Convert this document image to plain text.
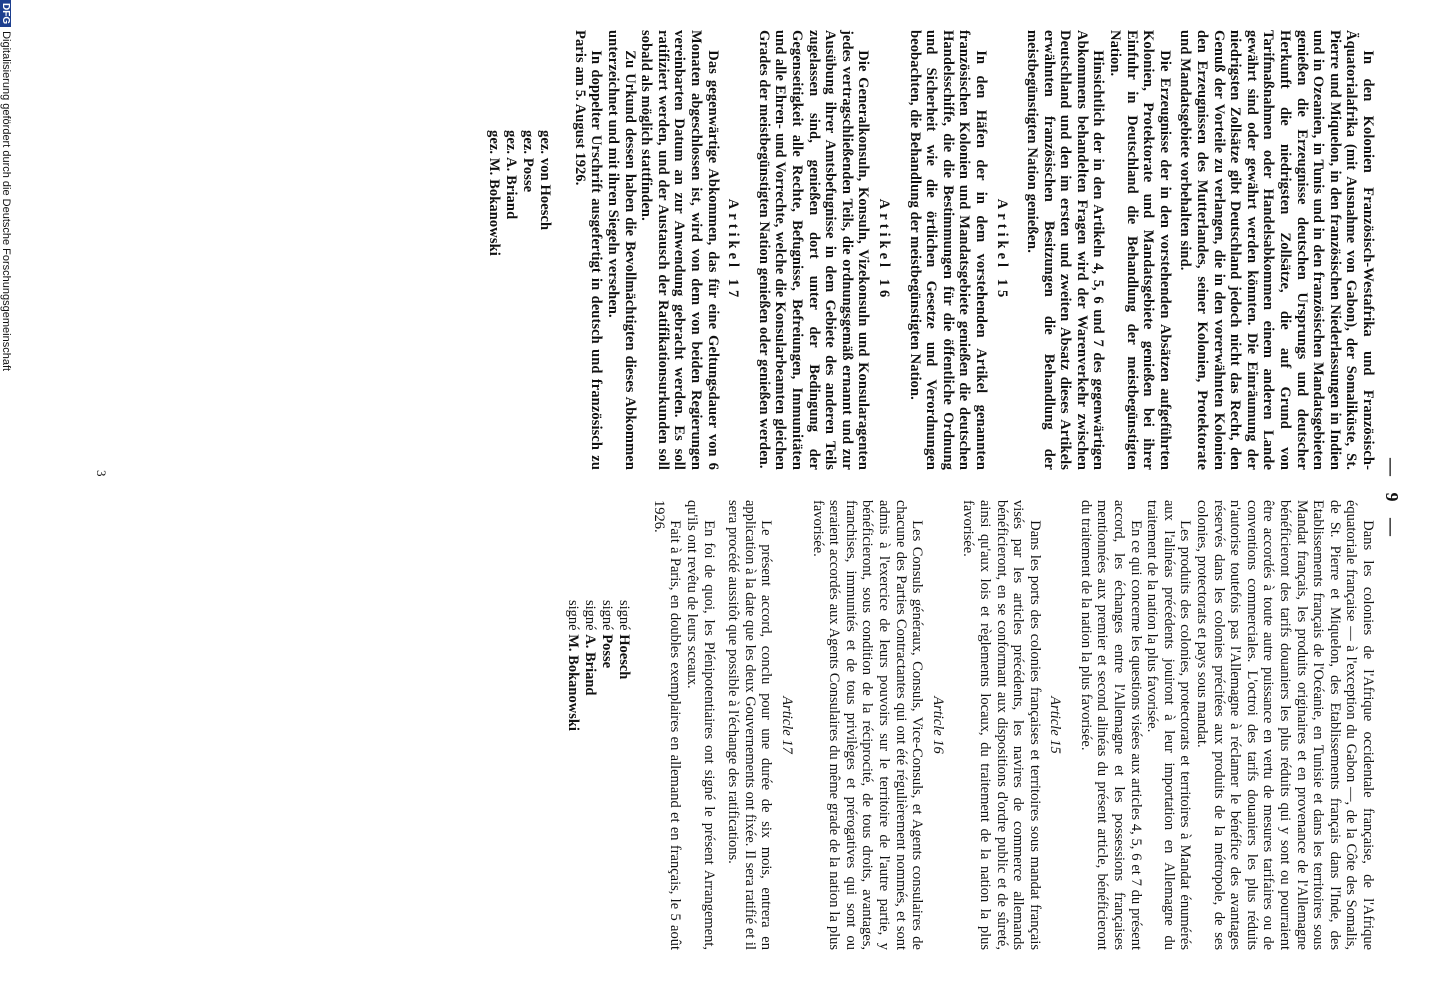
— 9 —

In den Kolonien Französisch-Westafrika und Französisch-Äquatorialafrika (mit Ausnahme von Gabon), der Somaliküste, St. Pierre und Miquelon, in den französischen Niederlassungen in Indien und in Ozeanien, in Tunis und in den französischen Mandatsgebieten genießen die Erzeugnisse deutschen Ursprungs und deutscher Herkunft die niedrigsten Zollsätze, die auf Grund von Tarifmaßnahmen oder Handelsabkommen einem anderen Lande gewährt sind oder gewährt werden könnten. Die Einräumung der niedrigsten Zollsätze gibt Deutschland jedoch nicht das Recht, den Genuß der Vorteile zu verlangen, die in den vorerwähnten Kolonien den Erzeugnissen des Mutterlandes, seiner Kolonien, Protektorate und Mandatsgebiete vorbehalten sind.

Die Erzeugnisse der in den vorstehenden Absätzen aufgeführten Kolonien, Protektorate und Mandatsgebiete genießen bei ihrer Einfuhr in Deutschland die Behandlung der meistbegünstigten Nation.

Hinsichtlich der in den Artikeln 4, 5, 6 und 7 des gegenwärtigen Abkommens behandelten Fragen wird der Warenverkehr zwischen Deutschland und den im ersten und zweiten Absatz dieses Artikels erwähnten französischen Besitzungen die Behandlung der meistbegünstigten Nation genießen.

Artikel 15

In den Häfen der in dem vorstehenden Artikel genannten französischen Kolonien und Mandatsgebiete genießen die deutschen Handelsschiffe, die die Bestimmungen für die öffentliche Ordnung und Sicherheit wie die örtlichen Gesetze und Verordnungen beobachten, die Behandlung der meistbegünstigten Nation.

Artikel 16

Die Generalkonsuln, Konsuln, Vizekonsuln und Konsularagenten jedes vertragschließenden Teils, die ordnungsgemäß ernannt und zur Ausübung ihrer Amtsbefugnisse in dem Gebiete des anderen Teils zugelassen sind, genießen dort unter der Bedingung der Gegenseitigkeit alle Rechte, Befugnisse, Befreiungen, Immunitäten und alle Ehren- und Vorrechte, welche die Konsularbeamten gleichen Grades der meistbegünstigten Nation genießen oder genießen werden.

Artikel 17

Das gegenwärtige Abkommen, das für eine Geltungsdauer von 6 Monaten abgeschlossen ist, wird von dem von beiden Regierungen vereinbarten Datum an zur Anwendung gebracht werden. Es soll ratifiziert werden, und der Austausch der Ratifikationsurkunden soll sobald als möglich stattfinden.

Zu Urkund dessen haben die Bevollmächtigten dieses Abkommen unterzeichnet und mit ihren Siegeln versehen.

In doppelter Urschrift ausgefertigt in deutsch und französisch zu Paris am 5. August 1926.

gez. von Hoesch
gez. Posse
gez. A. Briand
gez. M. Bokanowski

Dans les colonies de l'Afrique occidentale française, de l'Afrique équatoriale française — à l'exception du Gabon —, de la Côte des Somalis, de St. Pierre et Miquelon, des Etablissements français dans l'Inde, des Etablissements français de l'Océanie, en Tunisie et dans les territoires sous Mandat français, les produits originaires et en provenance de l'Allemagne bénéficieront des tarifs douaniers les plus réduits qui y sont ou pourraient être accordés à toute autre puissance en vertu de mesures tarifaires ou de conventions commerciales. L'octroi des tarifs douaniers les plus réduits n'autorise toutefois pas l'Allemagne à réclamer le bénéfice des avantages réservés dans les colonies précitées aux produits de la métropole, de ses colonies, protectorats et pays sous mandat.

Les produits des colonies, protectorats et territoires à Mandat énumérés aux l'alinéas précédents jouiront à leur importation en Allemagne du traitement de la nation la plus favorisée.

En ce qui concerne les questions visées aux articles 4, 5, 6 et 7 du présent accord, les échanges entre l'Allemagne et les possessions françaises mentionnées aux premier et second alinéas du présent article, bénéficieront du traitement de la nation la plus favorisée.

Article 15

Dans les ports des colonies françaises et territoires sous mandat français visés par les articles précédents, les navires de commerce allemands bénéficieront, en se conformant aux dispositions d'ordre public et de sûreté, ainsi qu'aux lois et règlements locaux, du traitement de la nation la plus favorisée.

Article 16

Les Consuls généraux, Consuls, Vice-Consuls, et Agents consulaires de chacune des Parties Contractantes qui ont été régulièrement nommés, et sont admis à l'exercice de leurs pouvoirs sur le territoire de l'autre partie, y bénéficieront, sous condition de la réciprocité, de tous droits, avantages, franchises, immunités et de tous privilèges et prérogatives qui sont ou seraient accordés aux Agents Consulaires du même grade de la nation la plus favorisée.

Article 17

Le présent accord, conclu pour une durée de six mois, entrera en application à la date que les deux Gouvernements ont fixée. Il sera ratifié et il sera procédé aussitôt que possible à l'échange des ratifications.

En foi de quoi, les Plénipotentiaires ont signé le présent Arrangement, qu'ils ont revêtu de leurs sceaux.

Fait à Paris, en doubles exemplaires en allemand et en français, le 5 août 1926.

signé Hoesch
signé Posse
signé A. Briand
signé M. Bokanowski
3
DFGDigitalisierung gefördert durch die Deutsche Forschungsgemeinschaft
